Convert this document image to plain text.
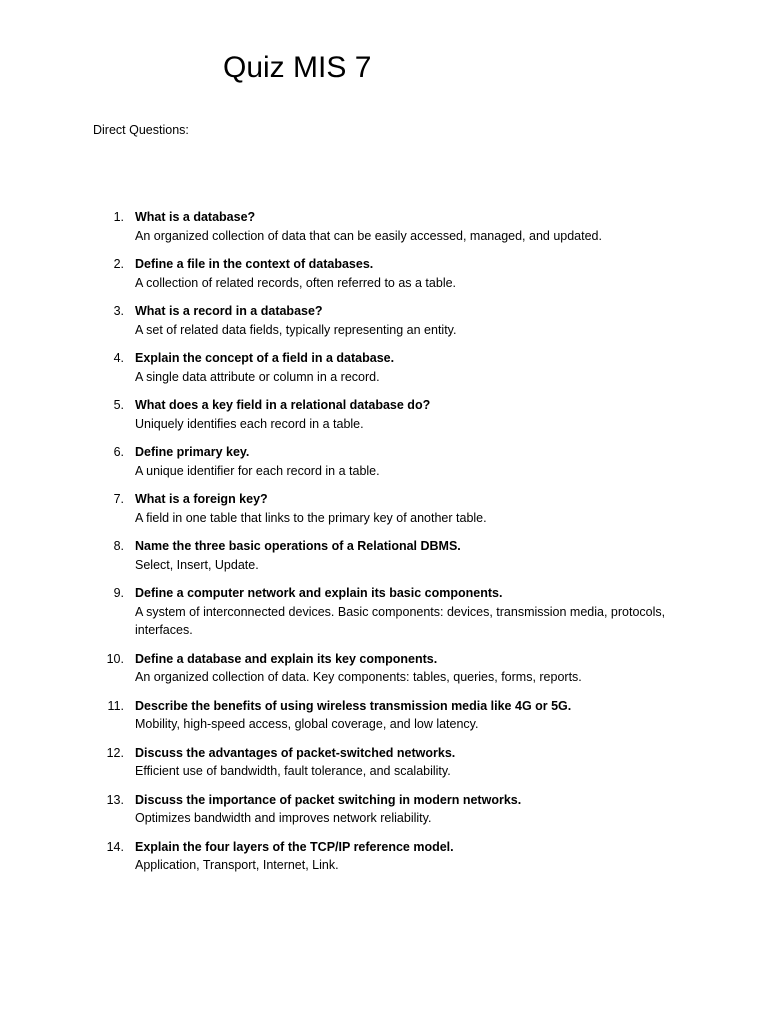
Quiz MIS 7

Direct Questions:

1. What is a database?
An organized collection of data that can be easily accessed, managed, and updated.
2. Define a file in the context of databases.
A collection of related records, often referred to as a table.
3. What is a record in a database?
A set of related data fields, typically representing an entity.
4. Explain the concept of a field in a database.
A single data attribute or column in a record.
5. What does a key field in a relational database do?
Uniquely identifies each record in a table.
6. Define primary key.
A unique identifier for each record in a table.
7. What is a foreign key?
A field in one table that links to the primary key of another table.
8. Name the three basic operations of a Relational DBMS.
Select, Insert, Update.
9. Define a computer network and explain its basic components.
A system of interconnected devices. Basic components: devices, transmission media, protocols, interfaces.
10. Define a database and explain its key components.
An organized collection of data. Key components: tables, queries, forms, reports.
11. Describe the benefits of using wireless transmission media like 4G or 5G.
Mobility, high-speed access, global coverage, and low latency.
12. Discuss the advantages of packet-switched networks.
Efficient use of bandwidth, fault tolerance, and scalability.
13. Discuss the importance of packet switching in modern networks.
Optimizes bandwidth and improves network reliability.
14. Explain the four layers of the TCP/IP reference model.
Application, Transport, Internet, Link.
